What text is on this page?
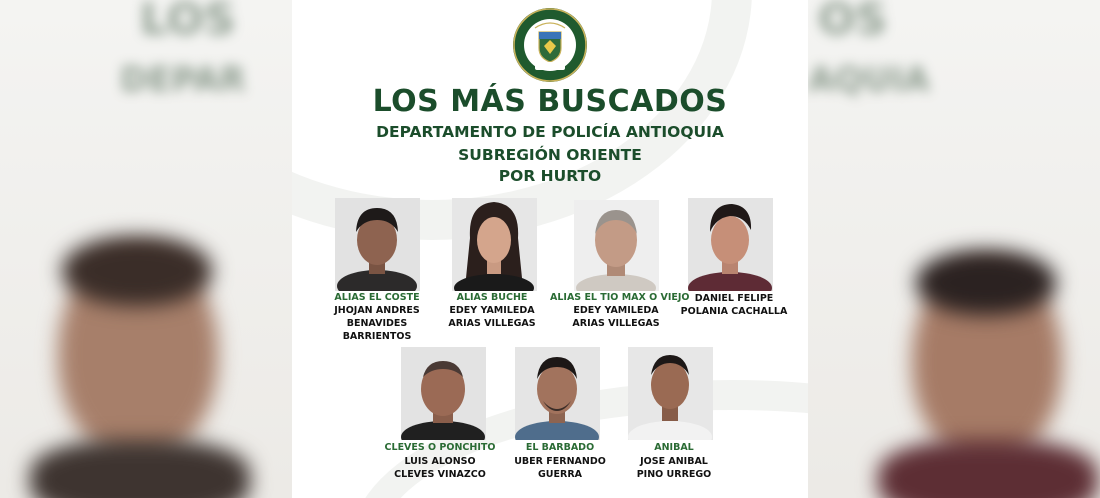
LOS
DEPAR
OS
AQUIA
LOS MÁS BUSCADOS
DEPARTAMENTO DE POLICÍA ANTIOQUIA
SUBREGIÓN ORIENTE
POR HURTO
ALIAS EL COSTE
JHOJAN ANDRES
BENAVIDES
BARRIENTOS
ALIAS BUCHE
EDEY YAMILEDA
ARIAS VILLEGAS
ALIAS EL TIO MAX O VIEJO
EDEY YAMILEDA
ARIAS VILLEGAS
DANIEL FELIPE
POLANIA CACHALLA
CLEVES O PONCHITO
LUIS ALONSO
CLEVES VINAZCO
EL BARBADO
UBER FERNANDO
GUERRA
ANIBAL
JOSE ANIBAL
PINO URREGO
